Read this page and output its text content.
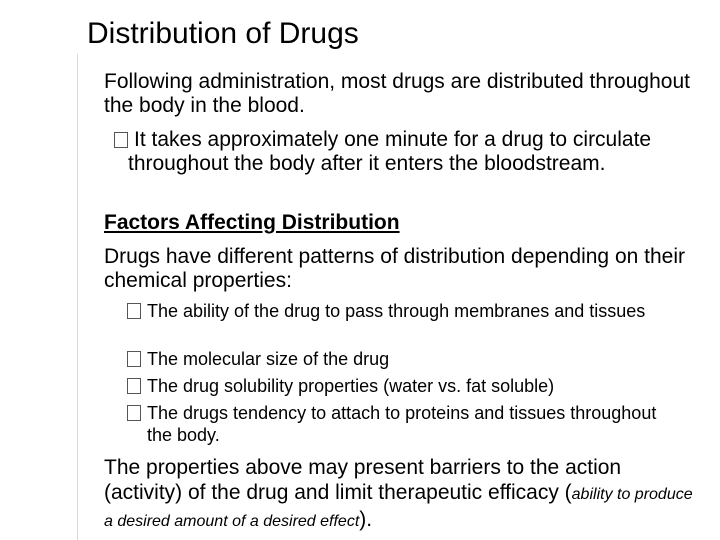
Distribution of Drugs
Following administration, most drugs are distributed throughout the body in the blood.
It takes approximately one minute for a drug to circulate throughout the body after it enters the bloodstream.
Factors Affecting Distribution
Drugs have different patterns of distribution depending on their chemical properties:
The ability of the drug to pass through membranes and tissues
The molecular size of the drug
The drug solubility properties (water vs. fat soluble)
The drugs tendency to attach to proteins and tissues throughout the body.
The properties above may present barriers to the action (activity) of the drug and limit therapeutic efficacy (ability to produce a desired amount of a desired effect).
